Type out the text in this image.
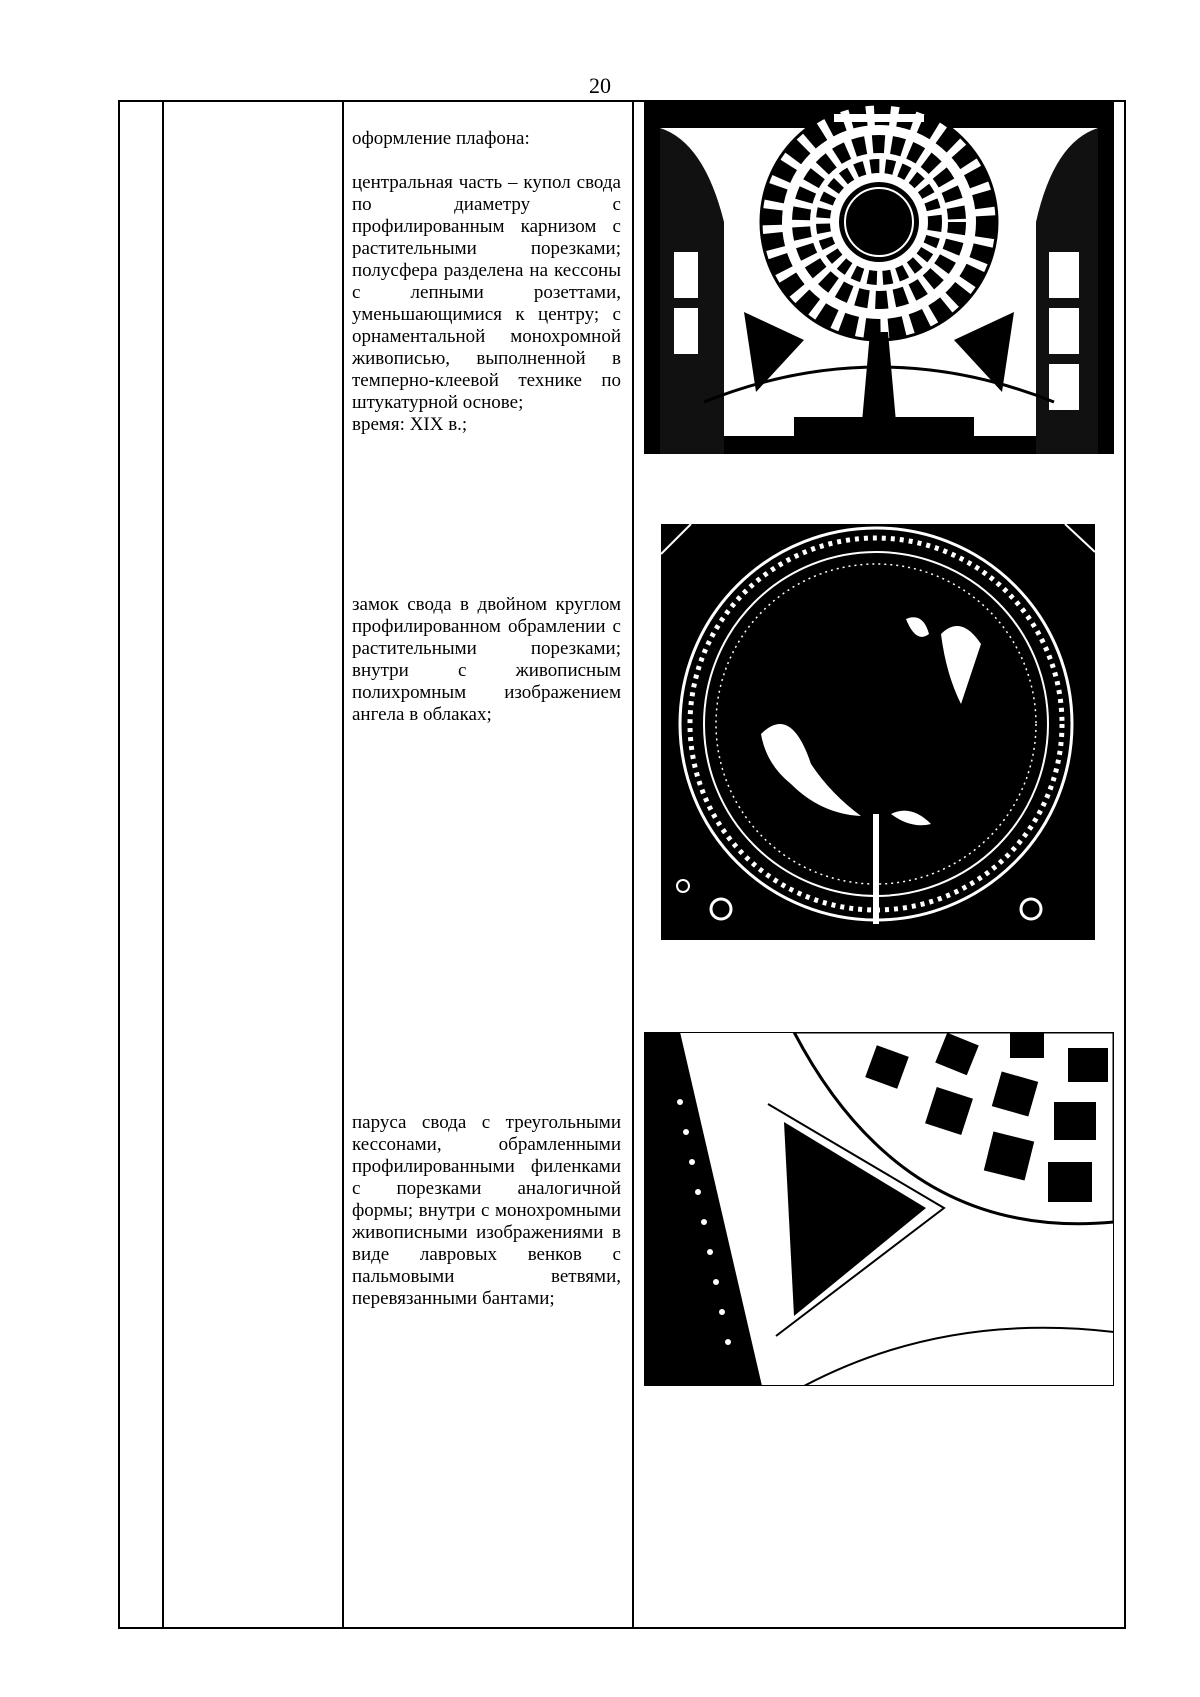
20

оформление плафона:

центральная часть – купол свода по диаметру с профилированным карнизом с растительными порезками; полусфера разделена на кессоны с лепными розеттами, уменьшающимися к центру; с орнаментальной монохромной живописью, выполненной в темперно-клеевой технике по штукатурной основе;

время: XIX в.;

замок свода в двойном круглом профилированном обрамлении с растительными порезками; внутри с живописным полихромным изображением ангела в облаках;

паруса свода с треугольными кессонами, обрамленными профилированными филенками с порезками аналогичной формы; внутри с монохромными живописными изображениями в виде лавровых венков с пальмовыми ветвями, перевязанными бантами;
